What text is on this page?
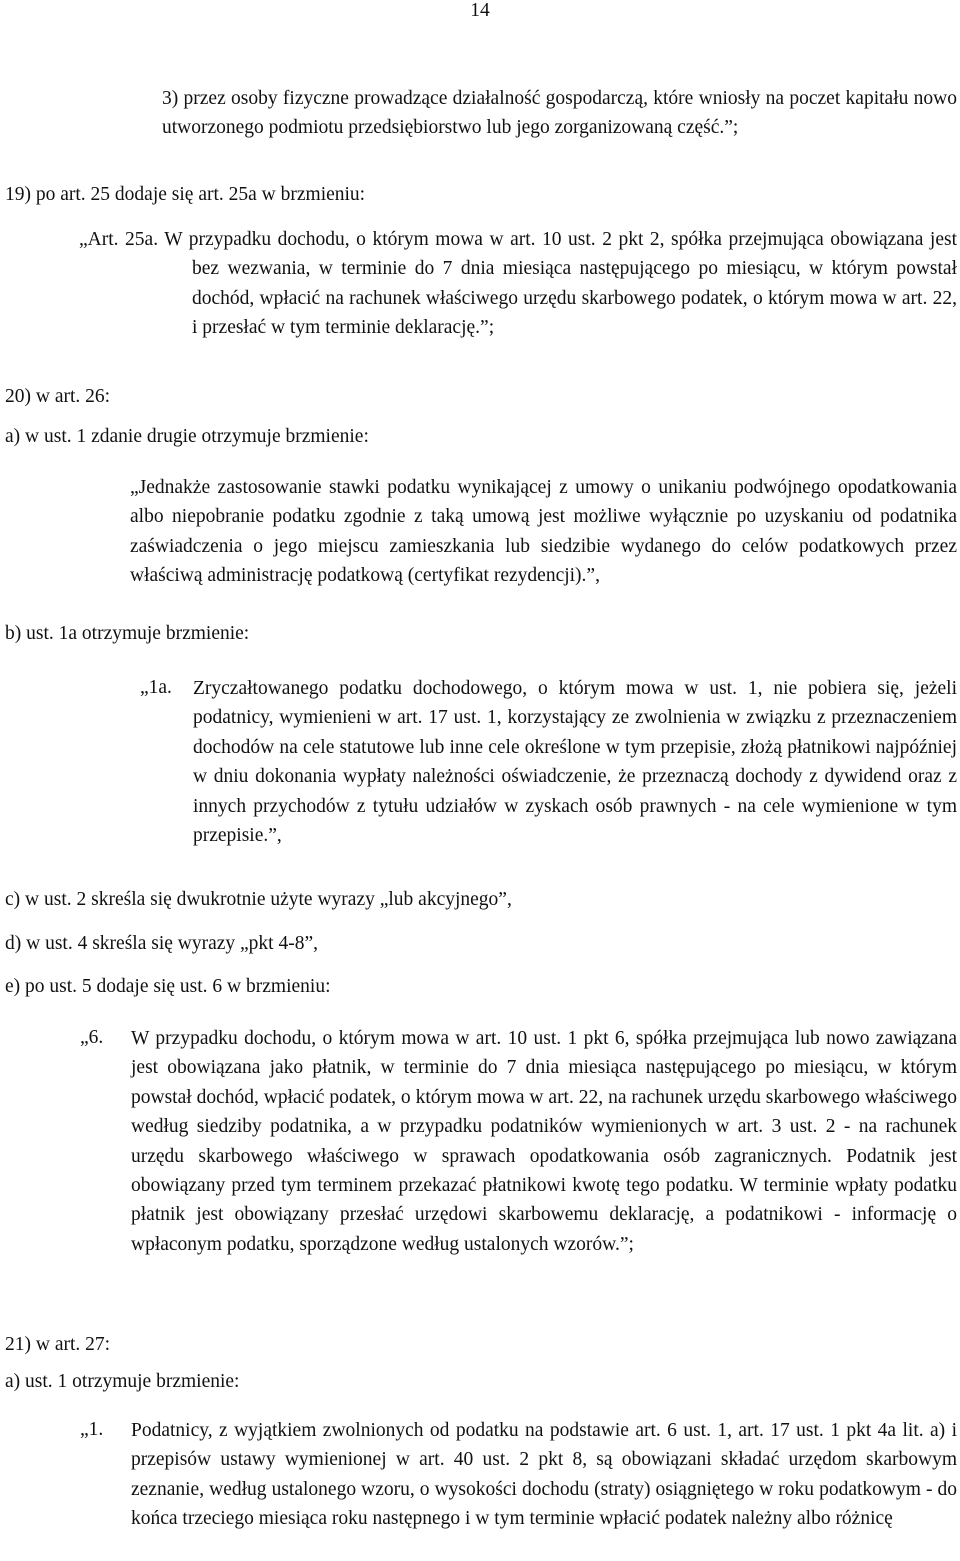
14
3) przez osoby fizyczne prowadzące działalność gospodarczą, które wniosły na poczet kapitału nowo utworzonego podmiotu przedsiębiorstwo lub jego zorganizowaną część.”;
19) po art. 25 dodaje się art. 25a w brzmieniu:
„Art. 25a. W przypadku dochodu, o którym mowa w art. 10 ust. 2 pkt 2, spółka przejmująca obowiązana jest bez wezwania, w terminie do 7 dnia miesiąca następującego po miesiącu, w którym powstał dochód, wpłacić na rachunek właściwego urzędu skarbowego podatek, o którym mowa w art. 22, i przesłać w tym terminie deklarację.”;
20) w art. 26:
a) w ust. 1 zdanie drugie otrzymuje brzmienie:
„Jednakże zastosowanie stawki podatku wynikającej z umowy o unikaniu podwójnego opodatkowania albo niepobranie podatku zgodnie z taką umową jest możliwe wyłącznie po uzyskaniu od podatnika zaświadczenia o jego miejscu zamieszkania lub siedzibie wydanego do celów podatkowych przez właściwą administrację podatkową (certyfikat rezydencji).”,
b) ust. 1a otrzymuje brzmienie:
„1a. Zryczałtowanego podatku dochodowego, o którym mowa w ust. 1, nie pobiera się, jeżeli podatnicy, wymienieni w art. 17 ust. 1, korzystający ze zwolnienia w związku z przeznaczeniem dochodów na cele statutowe lub inne cele określone w tym przepisie, złożą płatnikowi najpóźniej w dniu dokonania wypłaty należności oświadczenie, że przeznaczą dochody z dywidend oraz z innych przychodów z tytułu udziałów w zyskach osób prawnych - na cele wymienione w tym przepisie.”,
c) w ust. 2 skreśla się dwukrotnie użyte wyrazy „lub akcyjnego”,
d) w ust. 4 skreśla się wyrazy „pkt 4-8”,
e) po ust. 5 dodaje się ust. 6 w brzmieniu:
„6. W przypadku dochodu, o którym mowa w art. 10 ust. 1 pkt 6, spółka przejmująca lub nowo zawiązana jest obowiązana jako płatnik, w terminie do 7 dnia miesiąca następującego po miesiącu, w którym powstał dochód, wpłacić podatek, o którym mowa w art. 22, na rachunek urzędu skarbowego właściwego według siedziby podatnika, a w przypadku podatników wymienionych w art. 3 ust. 2 - na rachunek urzędu skarbowego właściwego w sprawach opodatkowania osób zagranicznych. Podatnik jest obowiązany przed tym terminem przekazać płatnikowi kwotę tego podatku. W terminie wpłaty podatku płatnik jest obowiązany przesłać urzędowi skarbowemu deklarację, a podatnikowi - informację o wpłaconym podatku, sporządzone według ustalonych wzorów.”;
21) w art. 27:
a) ust. 1 otrzymuje brzmienie:
„1. Podatnicy, z wyjątkiem zwolnionych od podatku na podstawie art. 6 ust. 1, art. 17 ust. 1 pkt 4a lit. a) i przepisów ustawy wymienionej w art. 40 ust. 2 pkt 8, są obowiązani składać urzędom skarbowym zeznanie, według ustalonego wzoru, o wysokości dochodu (straty) osiągniętego w roku podatkowym - do końca trzeciego miesiąca roku następnego i w tym terminie wpłacić podatek należny albo różnicę
